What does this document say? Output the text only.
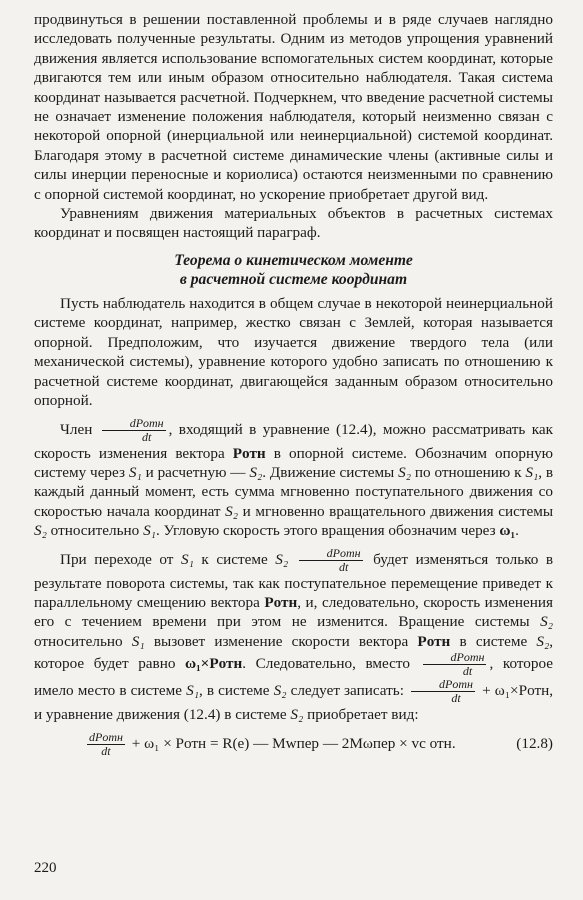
продвинуться в решении поставленной проблемы и в ряде случаев наглядно исследовать полученные результаты. Одним из методов упрощения уравнений движения является использование вспомогательных систем координат, которые двигаются тем или иным образом относительно наблюдателя. Такая система координат называется расчетной. Подчеркнем, что введение расчетной системы не означает изменение положения наблюдателя, который неизменно связан с некоторой опорной (инерциальной или неинерциальной) системой координат. Благодаря этому в расчетной системе динамические члены (активные силы и силы инерции переносные и кориолиса) остаются неизменными по сравнению с опорной системой координат, но ускорение приобретает другой вид.

Уравнениям движения материальных объектов в расчетных системах координат и посвящен настоящий параграф.

Теорема о кинетическом моменте
в расчетной системе координат

Пусть наблюдатель находится в общем случае в некоторой неинерциальной системе координат, например, жестко связан с Землей, которая называется опорной. Предположим, что изучается движение твердого тела (или механической системы), уравнение которого удобно записать по отношению к расчетной системе координат, двигающейся заданным образом относительно опорной.

Член $\frac{\text{dPотн}}{dt}$ , входящий в уравнение (12.4), можно рассматривать как скорость изменения вектора Pотн в опорной системе. Обозначим опорную систему через S₁ и расчетную — S₂. Движение системы S₂ по отношению к S₁, в каждый данный момент, есть сумма мгновенно поступательного движения со скоростью начала координат S₂ и мгновенно вращательного движения системы S₂ относительно S₁. Угловую скорость этого вращения обозначим через ω₁.

При переходе от S₁ к системе $S_2 \frac{\text{dPотн}}{dt}$ будет изменяться только в результате поворота системы, так как поступательное перемещение приведет к параллельному смещению вектора Pотн, и, следовательно, скорость изменения его с течением времени при этом не изменится. Вращение системы S₂ относительно S₁ вызовет изменение скорости вектора Pотн в системе S₂, которое будет равно ω₁×Pотн. Следовательно, вместо $\frac{\text{dPотн}}{dt}$ , которое имело место в системе S₁, в системе S₂ следует записать: $\frac{\text{dPотн}}{dt}$ + ω₁×Pотн, и уравнение движения (12.4) в системе S₂ приобретает вид:

$\frac{\text{dPотн}}{dt} + \omega_1$ × Pотн = R(e) — Mwпер — 2Mωпер × vc отн.	(12.8)
220
